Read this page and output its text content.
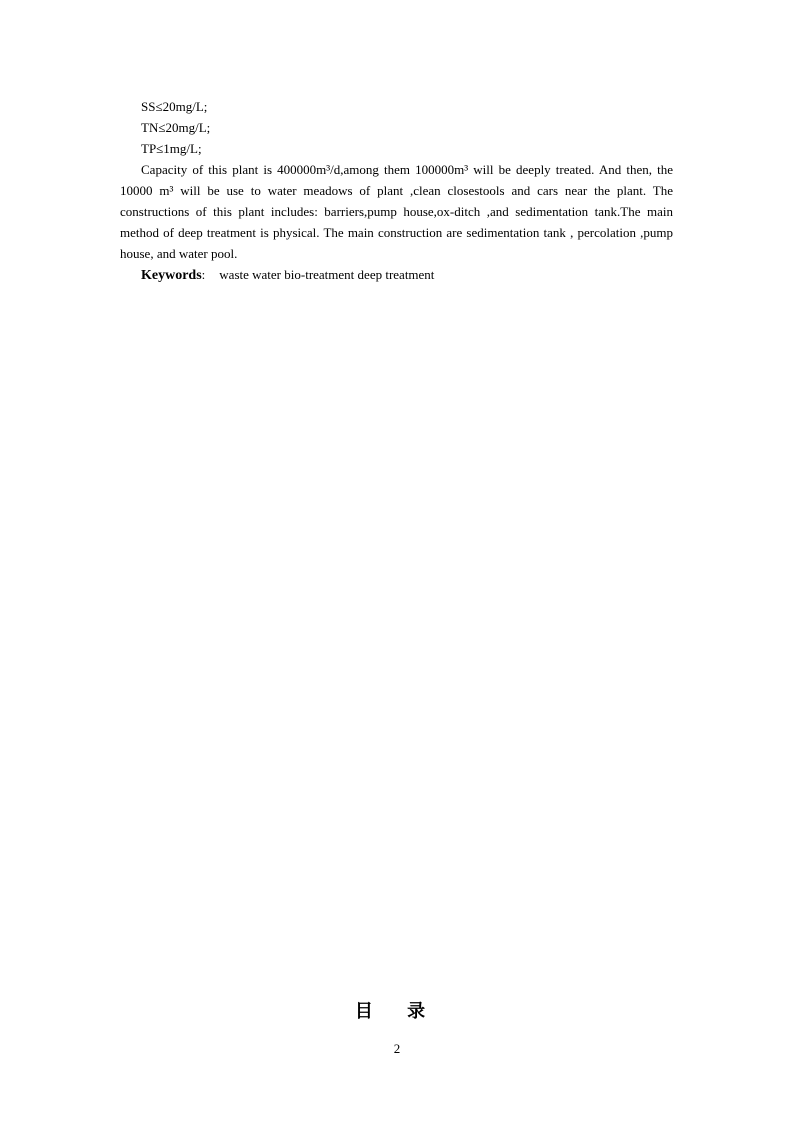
SS≤20mg/L;

TN≤20mg/L;

TP≤1mg/L;

Capacity of this plant is 400000m³/d,among them 100000m³ will be deeply treated. And then, the 10000 m³ will be use to water meadows of plant ,clean closestools and cars near the plant. The constructions of this plant includes: barriers,pump house,ox-ditch ,and sedimentation tank.The main method of deep treatment is physical. The main construction are sedimentation tank , percolation ,pump house, and water pool.

Keywords: waste water bio-treatment deep treatment

目 录
2
